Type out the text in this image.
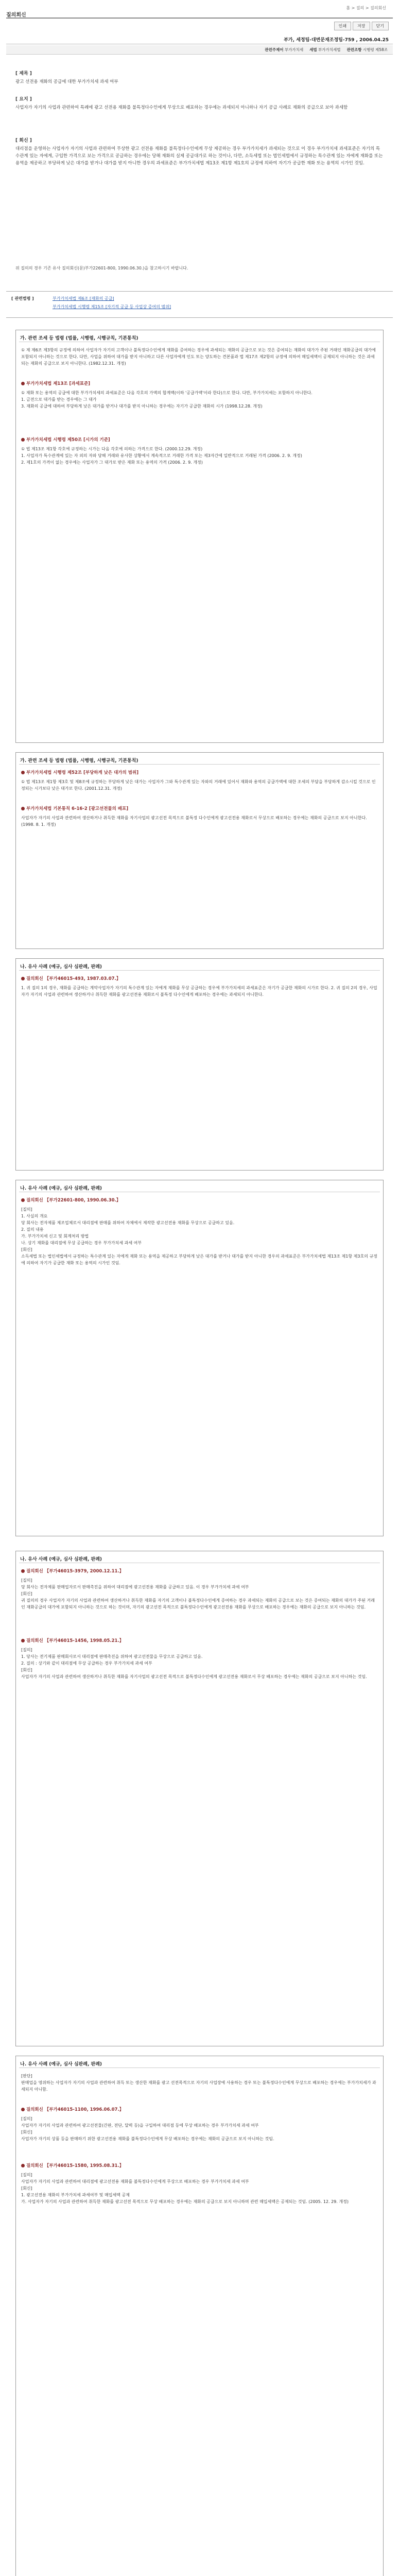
홈 > 질의 > 질의회신
질의회신
인쇄	저장	닫기
부가, 세정팀-대변문재조정팀-759 , 2006.04.25
관련주제어 부가가치세 세법 부가가치세법 관련조항 시행령 제58조
[ 제목 ]
광고 선전용 재화의 공급에 대한 부가가치세 과세 여부
[ 요지 ]
사업자가 자기의 사업과 관련하여 특례에 광고 선전용 재화를 불특정다수인에게 무상으로 배포하는 경우에는 과세되지 아니하나 자기 공급 사례로 재화의 공급으로 보아 과세함
[ 회신 ]
대리점을 운영하는 사업자가 자기의 사업과 관련하여 무상한 광고 선전용 재화를 불특정다수인에게 무상 제공하는 경우 부가가치세가 과세되는 것으로 이 경우 부가가치세 과세표준은 자기의 특수관계 있는 자에게, 구입한 가격으로 보는 가격으로 공급하는 경우에는 당해 재화의 실제 공급대가로 하는 것이나, 다만, 소득세법 또는 법인세법에서 규정하는 특수관계 있는 자에게 재화를 또는 용역을 제공하고 부당하게 낮은 대가를 받거나 대가를 받지 아니한 경우의 과세표준은 부가가치세법 제13조 제1항 제1호의 규정에 의하여 자기가 공급한 재화 또는 용역의 시가인 것임.
위 질의의 경우 기존 유사 질의회신(문)부가22601-800, 1990.06.30.)을 참고하시기 바랍니다.
[ 관련법령 ]	부가가치세법 제6조 [재화의 공급]
부가가치세법 시행령 제15조 [자기적 공급 등 사업상 증여의 범위]
가. 관련 조세 등 법령 (법률, 시행령, 시행규칙, 기본통칙)
① 제 제6조 제3항의 규정에 의하여 사업자가 자기의 고객이나 불특정다수인에게 재화를 증여하는 경우에 과세되는 재화의 공급으로 보는 것은 증여되는 재화의 대가가 주된 거래인 재화공급의 대가에 포함되지 아니하는 것으로 한다. 다만, 사업을 위하여 대가를 받지 아니하고 다른 사업자에게 인도 또는 양도하는 견본품과 법 제17조 제2항의 규정에 의하여 매입세액이 공제되지 아니하는 것은 과세되는 재화의 공급으로 보지 아니한다. (1982.12.31. 개정)
부가가치세법 제13조 [과세표준]
① 재화 또는 용역의 공급에 대한 부가가치세의 과세표준은 다음 각호의 가액의 합계액(이하 '공급가액'이라 한다)으로 한다. 다만, 부가가치세는 포함하지 아니한다.
1. 금전으로 대가를 받는 경우에는 그 대가
3. 재화의 공급에 대하여 부당하게 낮은 대가를 받거나 대가를 받지 아니하는 경우에는 자기가 공급한 재화의 시가 (1998.12.28. 개정)
부가가치세법 시행령 제50조 [시가의 기준]
① 법 제13조 제1항 각호에 규정하는 시가는 다음 각호에 의하는 가격으로 한다. (2000.12.29. 개정)
1. 사업자가 특수관계에 있는 자 외의 자와 당해 거래와 유사한 상황에서 계속적으로 거래한 가격 또는 제3자간에 일반적으로 거래된 가격 (2006. 2. 9. 개정)
2. 제1호의 가격이 없는 경우에는 사업자가 그 대가로 받은 재화 또는 용역의 가격 (2006. 2. 9. 개정)
가. 관련 조세 등 법령 (법률, 시행령, 시행규칙, 기본통칙)
부가가치세법 시행령 제52조 [부당하게 낮은 대가의 범위]
① 법 제13조 제1항 제3호 및 제8조에 규정하는 부당하게 낮은 대가는 사업자가 그와 특수관계 있는 자와의 거래에 있어서 재화와 용역의 공급가액에 대한 조세의 부담을 부당하게 감소시킬 것으로 인정되는 시가보다 낮은 대가로 한다. (2001.12.31. 개정)
부가가치세법 기본통칙 6-16-2 [광고선전물의 배포]
사업자가 자기의 사업과 관련하여 생산하거나 취득한 재화를 자기사업의 광고선전 목적으로 불특정 다수인에게 광고선전용 재화로서 무상으로 배포하는 경우에는 재화의 공급으로 보지 아니한다. (1998. 8. 1. 개정)
나. 유사 사례 (예규, 심사 심판례, 판례)
질의회신 【부가46015-493, 1987.03.07.】
1. 귀 질의 1의 경우, 재화를 공급하는 계약사업자가 자기의 특수관계 있는 자에게 재화를 무상 공급하는 경우에 부가가치세의 과세표준은 자기가 공급한 재화의 시가로 한다. 2. 귀 질의 2의 경우, 사업자가 자기의 사업과 관련하여 생산하거나 취득한 재화를 광고선전용 재화로서 불특정 다수인에게 배포하는 경우에는 과세되지 아니한다.
나. 유사 사례 (예규, 심사 심판례, 판례)
질의회신 【부가22601-800, 1990.06.30.】
[질의]
1. 사실의 개요
당 회사는 전자제품 제조업체로서 대리점에 판매를 위하여 자체에서 제작한 광고선전용 재화를 무상으로 공급하고 있음.
2. 질의 내용
가. 부가가치세 신고 및 회계처리 방법
나. 상기 재화를 대리점에 무상 공급하는 경우 부가가치세 과세 여부
[회신]
소득세법 또는 법인세법에서 규정하는 특수관계 있는 자에게 재화 또는 용역을 제공하고 부당하게 낮은 대가를 받거나 대가를 받지 아니한 경우의 과세표준은 부가가치세법 제13조 제1항 제3호의 규정에 의하여 자기가 공급한 재화 또는 용역의 시가인 것임.
나. 유사 사례 (예규, 심사 심판례, 판례)
질의회신 【부가46015-3979, 2000.12.11.】
[질의]
당 회사는 전자제품 판매업자로서 판매촉진을 위하여 대리점에 광고선전용 재화를 공급하고 있음. 이 경우 부가가치세 과세 여부
[회신]
귀 질의의 경우 사업자가 자기의 사업과 관련하여 생산하거나 취득한 재화를 자기의 고객이나 불특정다수인에게 증여하는 경우 과세되는 재화의 공급으로 보는 것은 증여되는 재화의 대가가 주된 거래인 재화공급의 대가에 포함되지 아니하는 것으로 하는 것이며, 자기의 광고선전 목적으로 불특정다수인에게 광고선전용 재화를 무상으로 배포하는 경우에는 재화의 공급으로 보지 아니하는 것임.
질의회신 【부가46015-1456, 1998.05.21.】
[질의]
1. 당사는 전기제품 판매회사로서 대리점에 판매촉진을 위하여 광고선전물을 무상으로 공급하고 있음.
2. 질의 : 상기와 같이 대리점에 무상 공급하는 경우 부가가치세 과세 여부
[회신]
사업자가 자기의 사업과 관련하여 생산하거나 취득한 재화를 자기사업의 광고선전 목적으로 불특정다수인에게 광고선전용 재화로서 무상 배포하는 경우에는 재화의 공급으로 보지 아니하는 것임.
나. 유사 사례 (예규, 심사 심판례, 판례)
[판단]
판매업을 영위하는 사업자가 자기의 사업과 관련하여 취득 또는 생산한 재화를 광고 선전목적으로 자기의 사업장에 사용하는 경우 또는 불특정다수인에게 무상으로 배포하는 경우에는 부가가치세가 과세되지 아니함.
질의회신 【부가46015-1100, 1996.06.07.】
[질의]
사업자가 자기의 사업과 관련하여 광고선전물(간판, 전단, 달력 등)을 구입하여 대리점 등에 무상 배포하는 경우 부가가치세 과세 여부
[회신]
사업자가 자기의 상품 등을 판매하기 위한 광고선전용 재화를 불특정다수인에게 무상 배포하는 경우에는 재화의 공급으로 보지 아니하는 것임.
질의회신 【부가46015-1580, 1995.08.31.】
[질의]
사업자가 자기의 사업과 관련하여 대리점에 광고선전용 재화를 불특정다수인에게 무상으로 배포하는 경우 부가가치세 과세 여부
[회신]
1. 광고선전용 재화의 부가가치세 과세여부 및 매입세액 공제
가. 사업자가 자기의 사업과 관련하여 취득한 재화를 광고선전 목적으로 무상 배포하는 경우에는 재화의 공급으로 보지 아니하며 관련 매입세액은 공제되는 것임. (2005. 12. 29. 개정)
